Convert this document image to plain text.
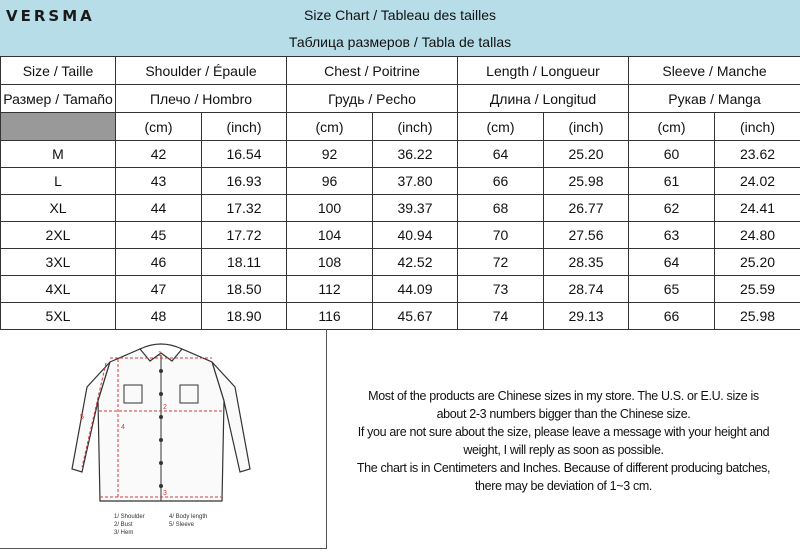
VERSMA	Size Chart / Tableau des tailles
Таблица размеров / Tabla de tallas
Size / Taille	Shoulder / Épaule		Chest / Poitrine		Length / Longueur		Sleeve / Manche	
Размер / Tamaño	Плечо / Hombro		Грудь / Pecho		Длина / Longitud		Рукав / Manga	
	(cm)	(inch)	(cm)	(inch)	(cm)	(inch)	(cm)	(inch)
M	42	16.54	92	36.22	64	25.20	60	23.62
L	43	16.93	96	37.80	66	25.98	61	24.02
XL	44	17.32	100	39.37	68	26.77	62	24.41
2XL	45	17.72	104	40.94	70	27.56	63	24.80
3XL	46	18.11	108	42.52	72	28.35	64	25.20
4XL	47	18.50	112	44.09	73	28.74	65	25.59
5XL	48	18.90	116	45.67	74	29.13	66	25.98
1
2
3
4
5
1/ Shoulder	4/ Body length
2/ Bust	5/ Sleeve
3/ Hem
Most of the products are Chinese sizes in my store. The U.S. or E.U. size is
about 2-3 numbers bigger than the Chinese size.
If you are not sure about the size, please leave a message with your height and
weight, I will reply as soon as possible.
The chart is in Centimeters and Inches. Because of different producing batches,
there may be deviation of 1~3 cm.
